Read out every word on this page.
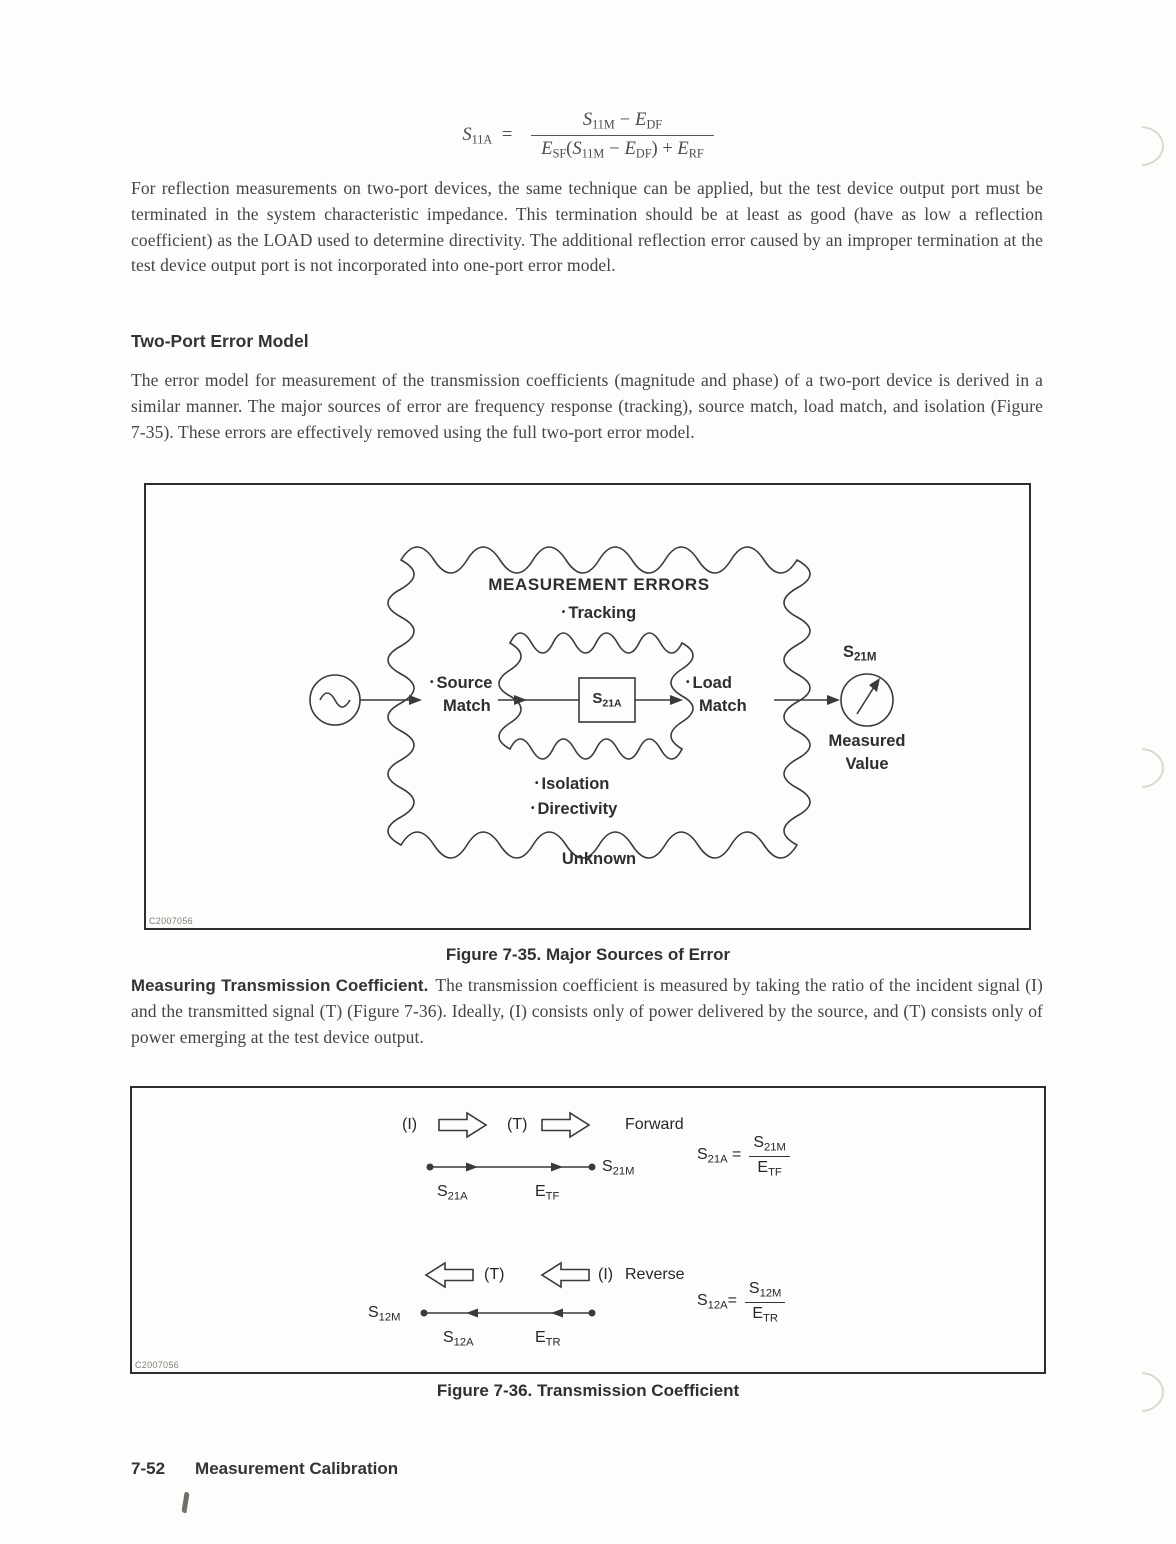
$S_{11A} = \frac{S_{11M} - E_{DF}}{E_{SF}(S_{11M} - E_{DF}) + E_{RF}}$

For reflection measurements on two-port devices, the same technique can be applied, but the test device output port must be terminated in the system characteristic impedance. This termination should be at least as good (have as low a reflection coefficient) as the LOAD used to determine directivity. The additional reflection error caused by an improper termination at the test device output port is not incorporated into one-port error model.

Two-Port Error Model

The error model for measurement of the transmission coefficients (magnitude and phase) of a two-port device is derived in a similar manner. The major sources of error are frequency response (tracking), source match, load match, and isolation (Figure 7-35). These errors are effectively removed using the full two-port error model.

MEASUREMENT ERRORS
• Tracking
• Source
Match
• Load
Match
$S_{21A}$
$S_{21M}$
Measured
Value
• Isolation
• Directivity
Unknown
C2007056
Figure 7-35. Major Sources of Error

Measuring Transmission Coefficient. The transmission coefficient is measured by taking the ratio of the incident signal (I) and the transmitted signal (T) (Figure 7-36). Ideally, (I) consists only of power delivered by the source, and (T) consists only of power emerging at the test device output.

(I)	(T)	Forward
$S_{21M}$
$S_{21A}$	$E_{TF}$
$S_{21A} = \frac{S_{21M}}{E_{TF}}$
(T)	(I) Reverse
$S_{12M}$
$S_{12A}$	$E_{TR}$
$S_{12A}= \frac{S_{12M}}{E_{TR}}$
C2007056
Figure 7-36. Transmission Coefficient
7-52 Measurement Calibration
